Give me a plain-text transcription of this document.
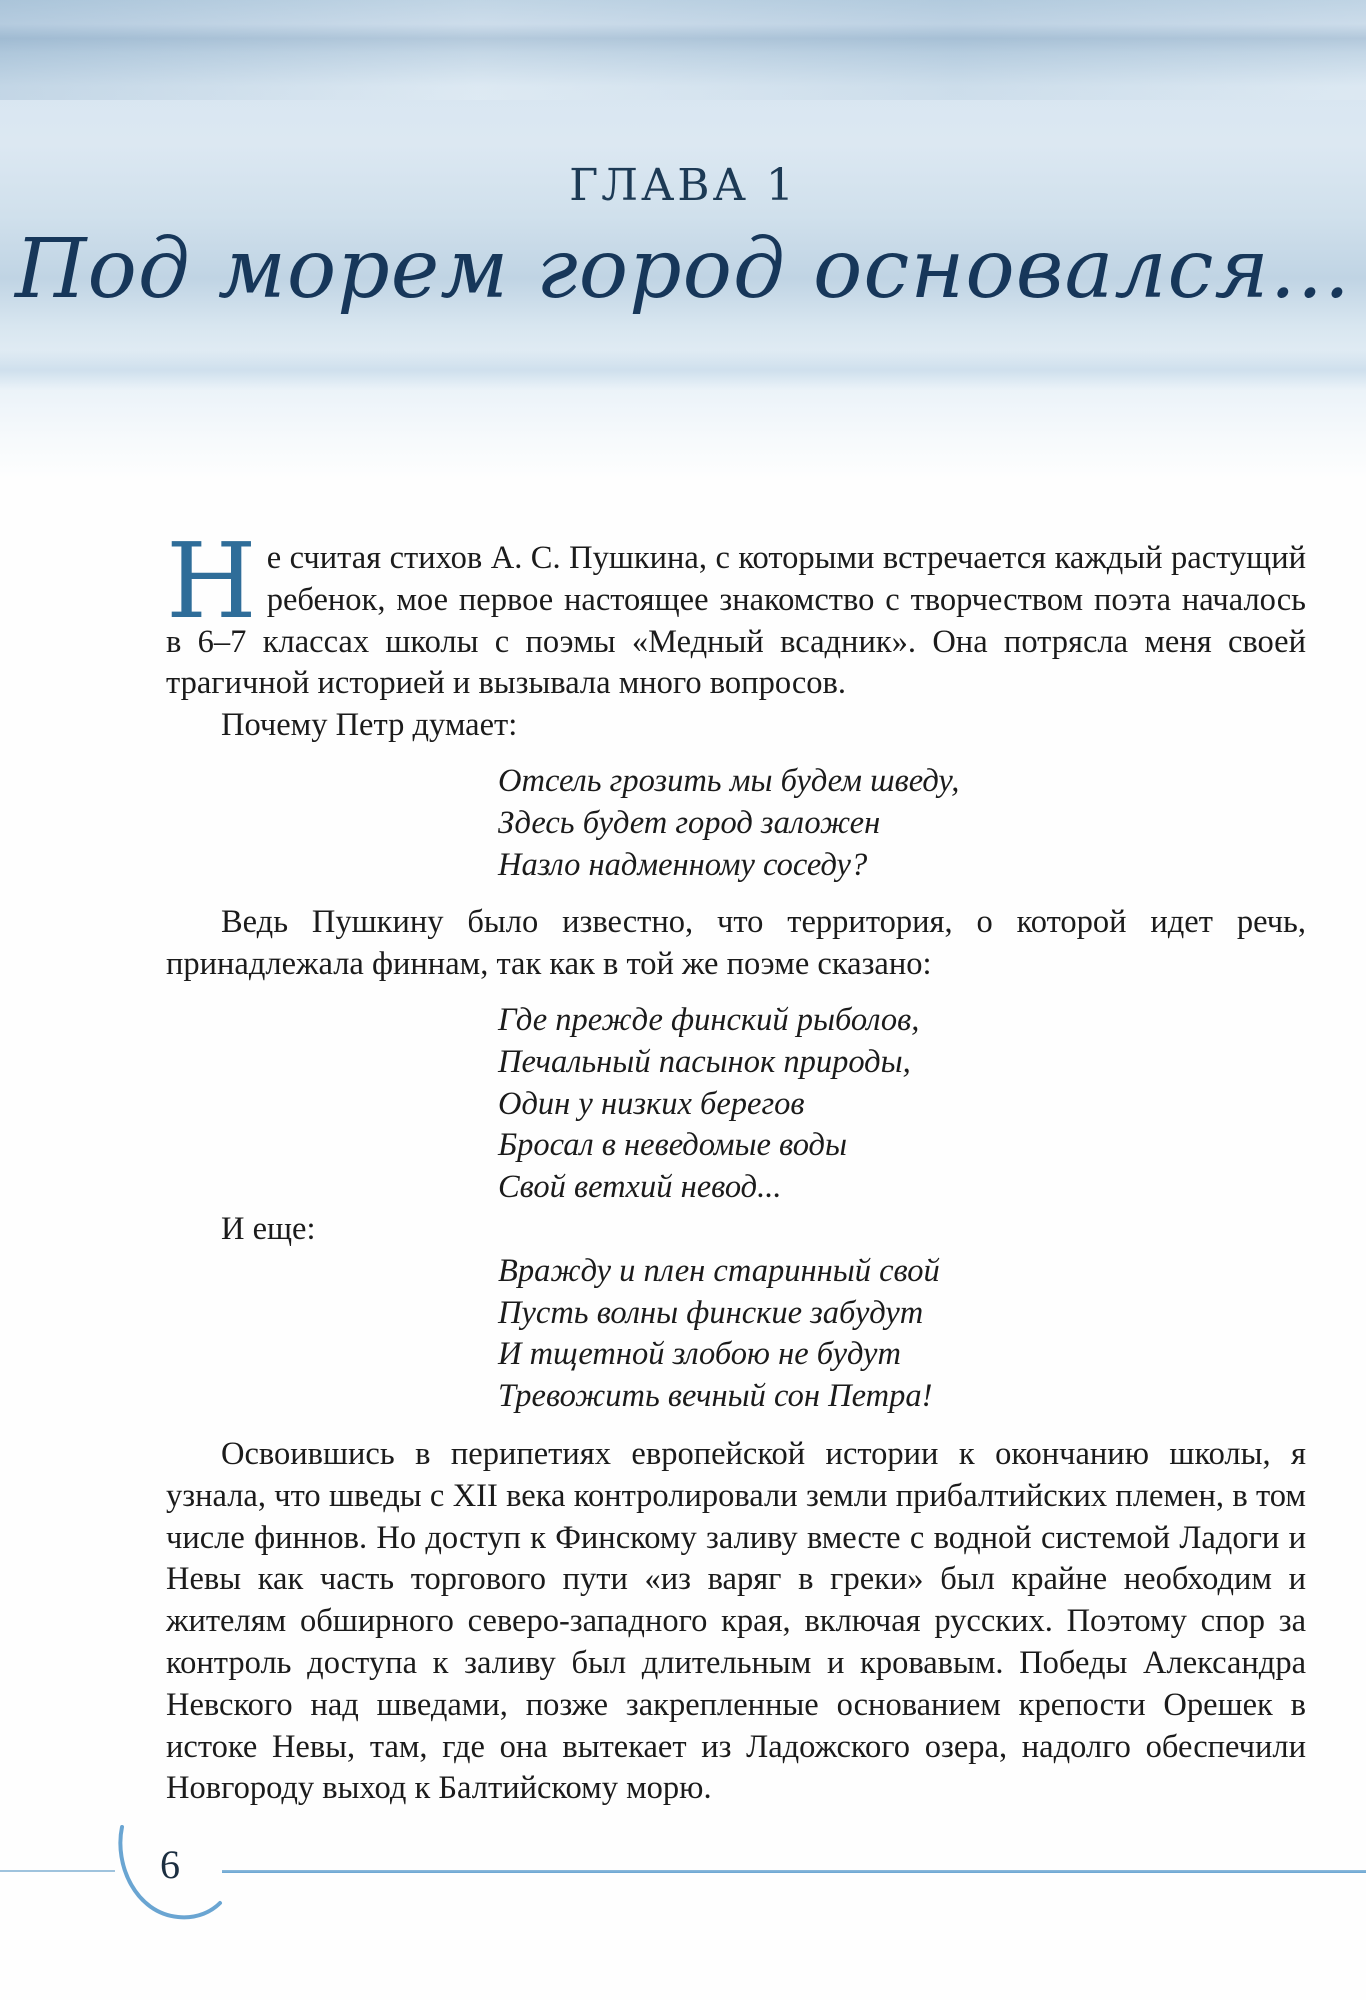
ГЛАВА 1
Под морем город основался...

Не считая стихов А. С. Пушкина, с которыми встречается каждый растущий ребенок, мое первое настоящее знакомство с творчеством поэта началось в 6–7 классах школы с поэмы «Медный всадник». Она потрясла меня своей трагичной историей и вызывала много вопросов.

Почему Петр думает:

Отсель грозить мы будем шведу,
Здесь будет город заложен
Назло надменному соседу?

Ведь Пушкину было известно, что территория, о которой идет речь, принадлежала финнам, так как в той же поэме сказано:

Где прежде финский рыболов,
Печальный пасынок природы,
Один у низких берегов
Бросал в неведомые воды
Свой ветхий невод...

И еще:

Вражду и плен старинный свой
Пусть волны финские забудут
И тщетной злобою не будут
Тревожить вечный сон Петра!

Освоившись в перипетиях европейской истории к окончанию школы, я узнала, что шведы с XII века контролировали земли прибалтийских племен, в том числе финнов. Но доступ к Финскому заливу вместе с водной системой Ладоги и Невы как часть торгового пути «из варяг в греки» был крайне необходим и жителям обширного северо-западного края, включая русских. Поэтому спор за контроль доступа к заливу был длительным и кровавым. Победы Александра Невского над шведами, позже закрепленные основанием крепости Орешек в истоке Невы, там, где она вытекает из Ладожского озера, надолго обеспечили Новгороду выход к Балтийскому морю.

6
